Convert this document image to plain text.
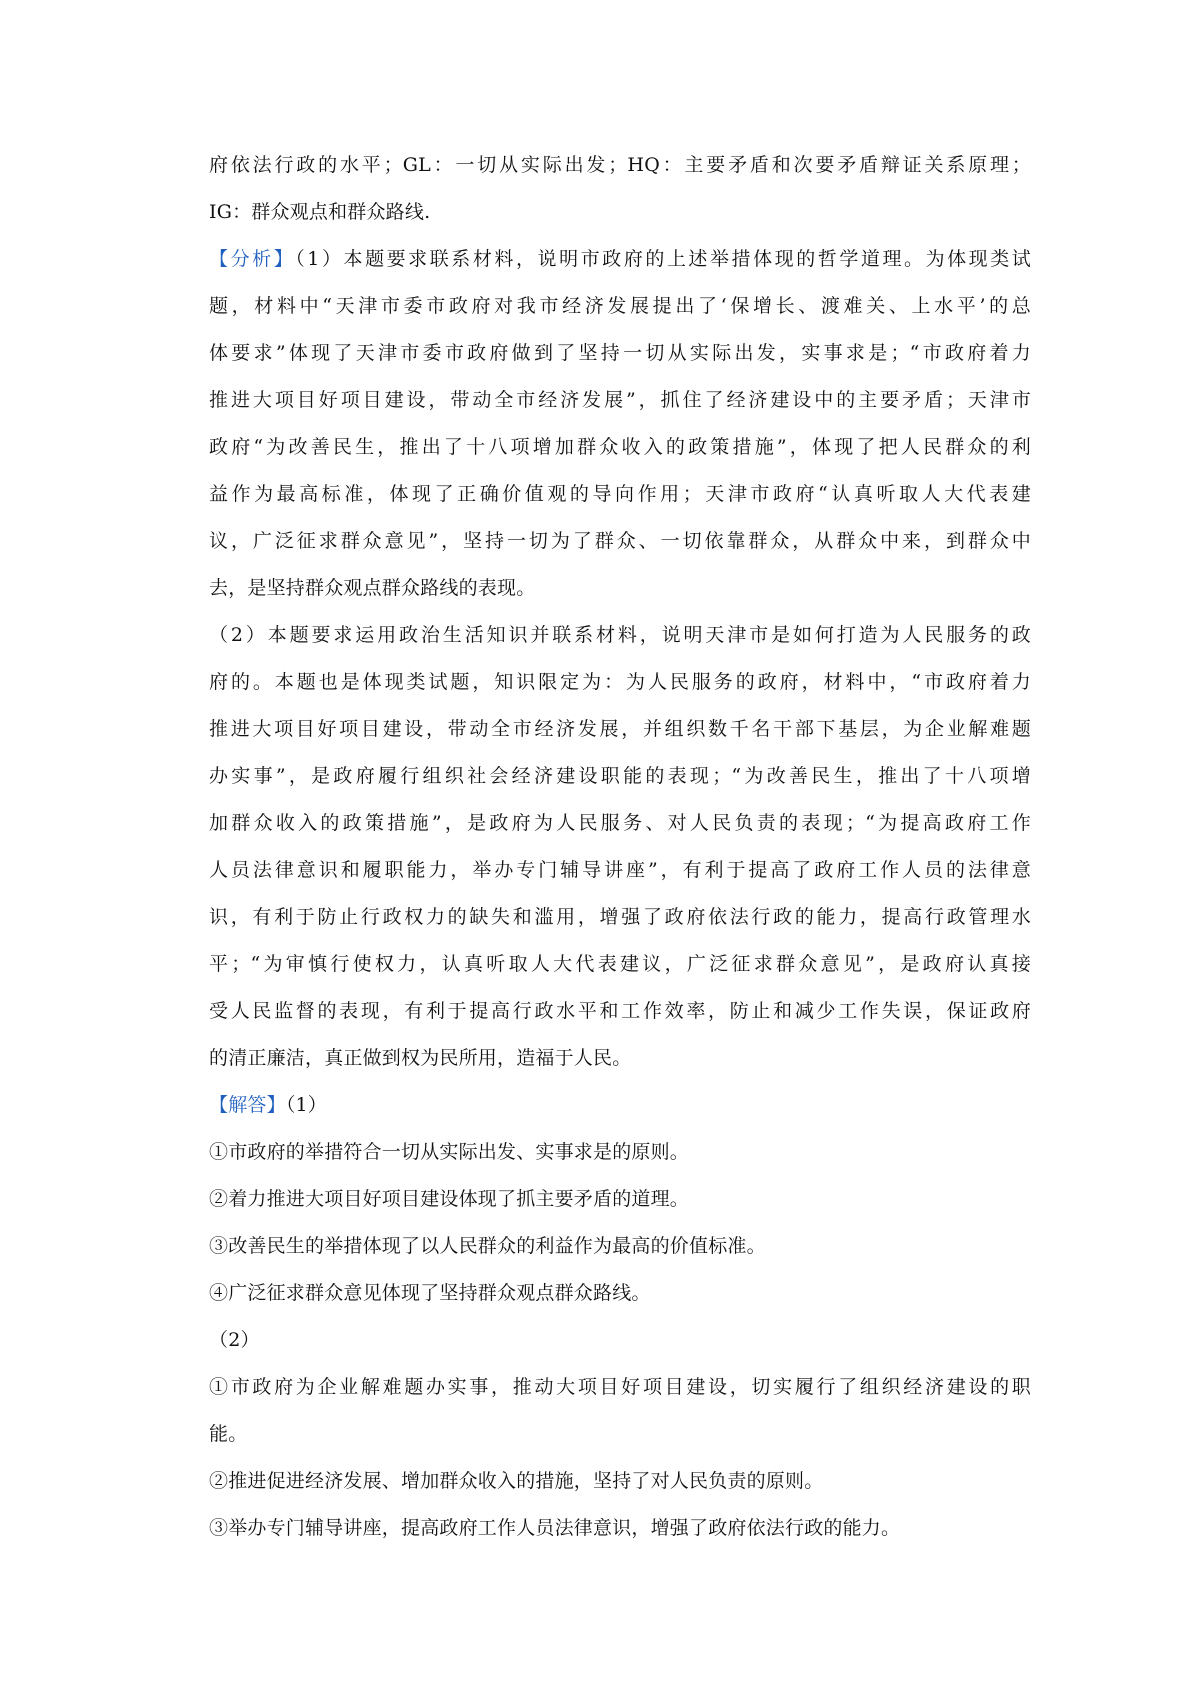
府依法行政的水平；GL：一切从实际出发；HQ：主要矛盾和次要矛盾辩证关系原理；

IG：群众观点和群众路线.

【分析】（1）本题要求联系材料，说明市政府的上述举措体现的哲学道理。为体现类试

题，材料中“天津市委市政府对我市经济发展提出了‘保增长、渡难关、上水平’的总

体要求”体现了天津市委市政府做到了坚持一切从实际出发，实事求是；“市政府着力

推进大项目好项目建设，带动全市经济发展”，抓住了经济建设中的主要矛盾；天津市

政府“为改善民生，推出了十八项增加群众收入的政策措施”，体现了把人民群众的利

益作为最高标准，体现了正确价值观的导向作用；天津市政府“认真听取人大代表建

议，广泛征求群众意见”，坚持一切为了群众、一切依靠群众，从群众中来，到群众中

去，是坚持群众观点群众路线的表现。

（2）本题要求运用政治生活知识并联系材料，说明天津市是如何打造为人民服务的政

府的。本题也是体现类试题，知识限定为：为人民服务的政府，材料中，“市政府着力

推进大项目好项目建设，带动全市经济发展，并组织数千名干部下基层，为企业解难题

办实事”，是政府履行组织社会经济建设职能的表现；“为改善民生，推出了十八项增

加群众收入的政策措施”，是政府为人民服务、对人民负责的表现；“为提高政府工作

人员法律意识和履职能力，举办专门辅导讲座”，有利于提高了政府工作人员的法律意

识，有利于防止行政权力的缺失和滥用，增强了政府依法行政的能力，提高行政管理水

平；“为审慎行使权力，认真听取人大代表建议，广泛征求群众意见”，是政府认真接

受人民监督的表现，有利于提高行政水平和工作效率，防止和减少工作失误，保证政府

的清正廉洁，真正做到权为民所用，造福于人民。

【解答】（1）

①市政府的举措符合一切从实际出发、实事求是的原则。

②着力推进大项目好项目建设体现了抓主要矛盾的道理。

③改善民生的举措体现了以人民群众的利益作为最高的价值标准。

④广泛征求群众意见体现了坚持群众观点群众路线。

（2）

①市政府为企业解难题办实事，推动大项目好项目建设，切实履行了组织经济建设的职

能。

②推进促进经济发展、增加群众收入的措施，坚持了对人民负责的原则。

③举办专门辅导讲座，提高政府工作人员法律意识，增强了政府依法行政的能力。
